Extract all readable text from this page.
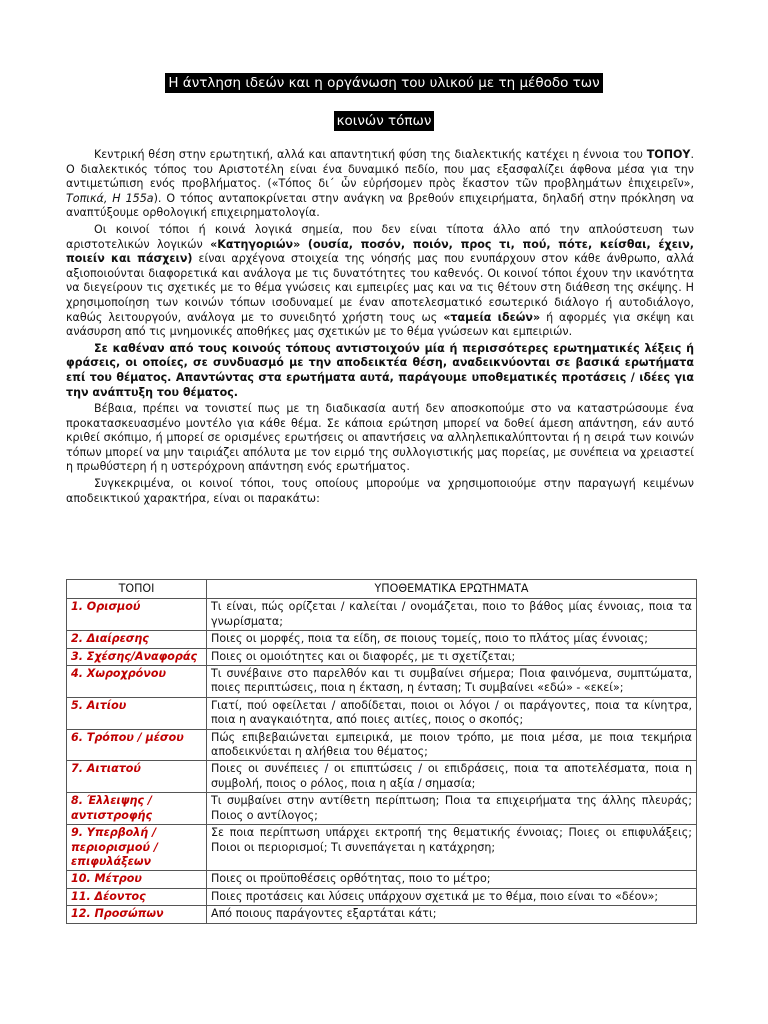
Η άντληση ιδεών και η οργάνωση του υλικού με τη μέθοδο των
κοινών τόπων

Κεντρική θέση στην ερωτητική, αλλά και απαντητική φύση της διαλεκτικής κατέχει η έννοια του ΤΟΠΟΥ. Ο διαλεκτικός τόπος του Αριστοτέλη είναι ένα δυναμικό πεδίο, που μας εξασφαλίζει άφθονα μέσα για την αντιμετώπιση ενός προβλήματος. («Τόπος δι΄ ὧν εὐρήσομεν πρὸς ἕκαστον τῶν προβλημάτων ἐπιχειρεῖν», Τοπικά, Η 155a). Ο τόπος ανταποκρίνεται στην ανάγκη να βρεθούν επιχειρήματα, δηλαδή στην πρόκληση να αναπτύξουμε ορθολογική επιχειρηματολογία.

Οι κοινοί τόποι ή κοινά λογικά σημεία, που δεν είναι τίποτα άλλο από την απλούστευση των αριστοτελικών λογικών «Κατηγοριών» (ουσία, ποσόν, ποιόν, προς τι, πού, πότε, κείσθαι, έχειν, ποιείν και πάσχειν) είναι αρχέγονα στοιχεία της νόησής μας που ενυπάρχουν στον κάθε άνθρωπο, αλλά αξιοποιούνται διαφορετικά και ανάλογα με τις δυνατότητες του καθενός. Οι κοινοί τόποι έχουν την ικανότητα να διεγείρουν τις σχετικές με το θέμα γνώσεις και εμπειρίες μας και να τις θέτουν στη διάθεση της σκέψης. Η χρησιμοποίηση των κοινών τόπων ισοδυναμεί με έναν αποτελεσματικό εσωτερικό διάλογο ή αυτοδιάλογο, καθώς λειτουργούν, ανάλογα με το συνειδητό χρήστη τους ως «ταμεία ιδεών» ή αφορμές για σκέψη και ανάσυρση από τις μνημονικές αποθήκες μας σχετικών με το θέμα γνώσεων και εμπειριών.

Σε καθέναν από τους κοινούς τόπους αντιστοιχούν μία ή περισσότερες ερωτηματικές λέξεις ή φράσεις, οι οποίες, σε συνδυασμό με την αποδεικτέα θέση, αναδεικνύονται σε βασικά ερωτήματα επί του θέματος. Απαντώντας στα ερωτήματα αυτά, παράγουμε υποθεματικές προτάσεις / ιδέες για την ανάπτυξη του θέματος.

Βέβαια, πρέπει να τονιστεί πως με τη διαδικασία αυτή δεν αποσκοπούμε στο να καταστρώσουμε ένα προκατασκευασμένο μοντέλο για κάθε θέμα. Σε κάποια ερώτηση μπορεί να δοθεί άμεση απάντηση, εάν αυτό κριθεί σκόπιμο, ή μπορεί σε ορισμένες ερωτήσεις οι απαντήσεις να αλληλεπικαλύπτονται ή η σειρά των κοινών τόπων μπορεί να μην ταιριάζει απόλυτα με τον ειρμό της συλλογιστικής μας πορείας, με συνέπεια να χρειαστεί η πρωθύστερη ή η υστερόχρονη απάντηση ενός ερωτήματος.

Συγκεκριμένα, οι κοινοί τόποι, τους οποίους μπορούμε να χρησιμοποιούμε στην παραγωγή κειμένων αποδεικτικού χαρακτήρα, είναι οι παρακάτω:

ΤΟΠΟΙ	ΥΠΟΘΕΜΑΤΙΚΑ ΕΡΩΤΗΜΑΤΑ
1. Ορισμού	Τι είναι, πώς ορίζεται / καλείται / ονομάζεται, ποιο το βάθος μίας έννοιας, ποια τα γνωρίσματα;
2. Διαίρεσης	Ποιες οι μορφές, ποια τα είδη, σε ποιους τομείς, ποιο το πλάτος μίας έννοιας;
3. Σχέσης/Αναφοράς	Ποιες οι ομοιότητες και οι διαφορές, με τι σχετίζεται;
4. Χωροχρόνου	Τι συνέβαινε στο παρελθόν και τι συμβαίνει σήμερα; Ποια φαινόμενα, συμπτώματα, ποιες περιπτώσεις, ποια η έκταση, η ένταση; Τι συμβαίνει «εδώ» - «εκεί»;
5. Αιτίου	Γιατί, πού οφείλεται / αποδίδεται, ποιοι οι λόγοι / οι παράγοντες, ποια τα κίνητρα, ποια η αναγκαιότητα, από ποιες αιτίες, ποιος ο σκοπός;
6. Τρόπου / μέσου	Πώς επιβεβαιώνεται εμπειρικά, με ποιον τρόπο, με ποια μέσα, με ποια τεκμήρια αποδεικνύεται η αλήθεια του θέματος;
7. Αιτιατού	Ποιες οι συνέπειες / οι επιπτώσεις / οι επιδράσεις, ποια τα αποτελέσματα, ποια η συμβολή, ποιος ο ρόλος, ποια η αξία / σημασία;
8. Έλλειψης / αντιστροφής	Τι συμβαίνει στην αντίθετη περίπτωση; Ποια τα επιχειρήματα της άλλης πλευράς; Ποιος ο αντίλογος;
9. Υπερβολή / περιορισμού / επιφυλάξεων	Σε ποια περίπτωση υπάρχει εκτροπή της θεματικής έννοιας; Ποιες οι επιφυλάξεις; Ποιοι οι περιορισμοί; Τι συνεπάγεται η κατάχρηση;
10. Μέτρου	Ποιες οι προϋποθέσεις ορθότητας, ποιο το μέτρο;
11. Δέοντος	Ποιες προτάσεις και λύσεις υπάρχουν σχετικά με το θέμα, ποιο είναι το «δέον»;
12. Προσώπων	Από ποιους παράγοντες εξαρτάται κάτι;
